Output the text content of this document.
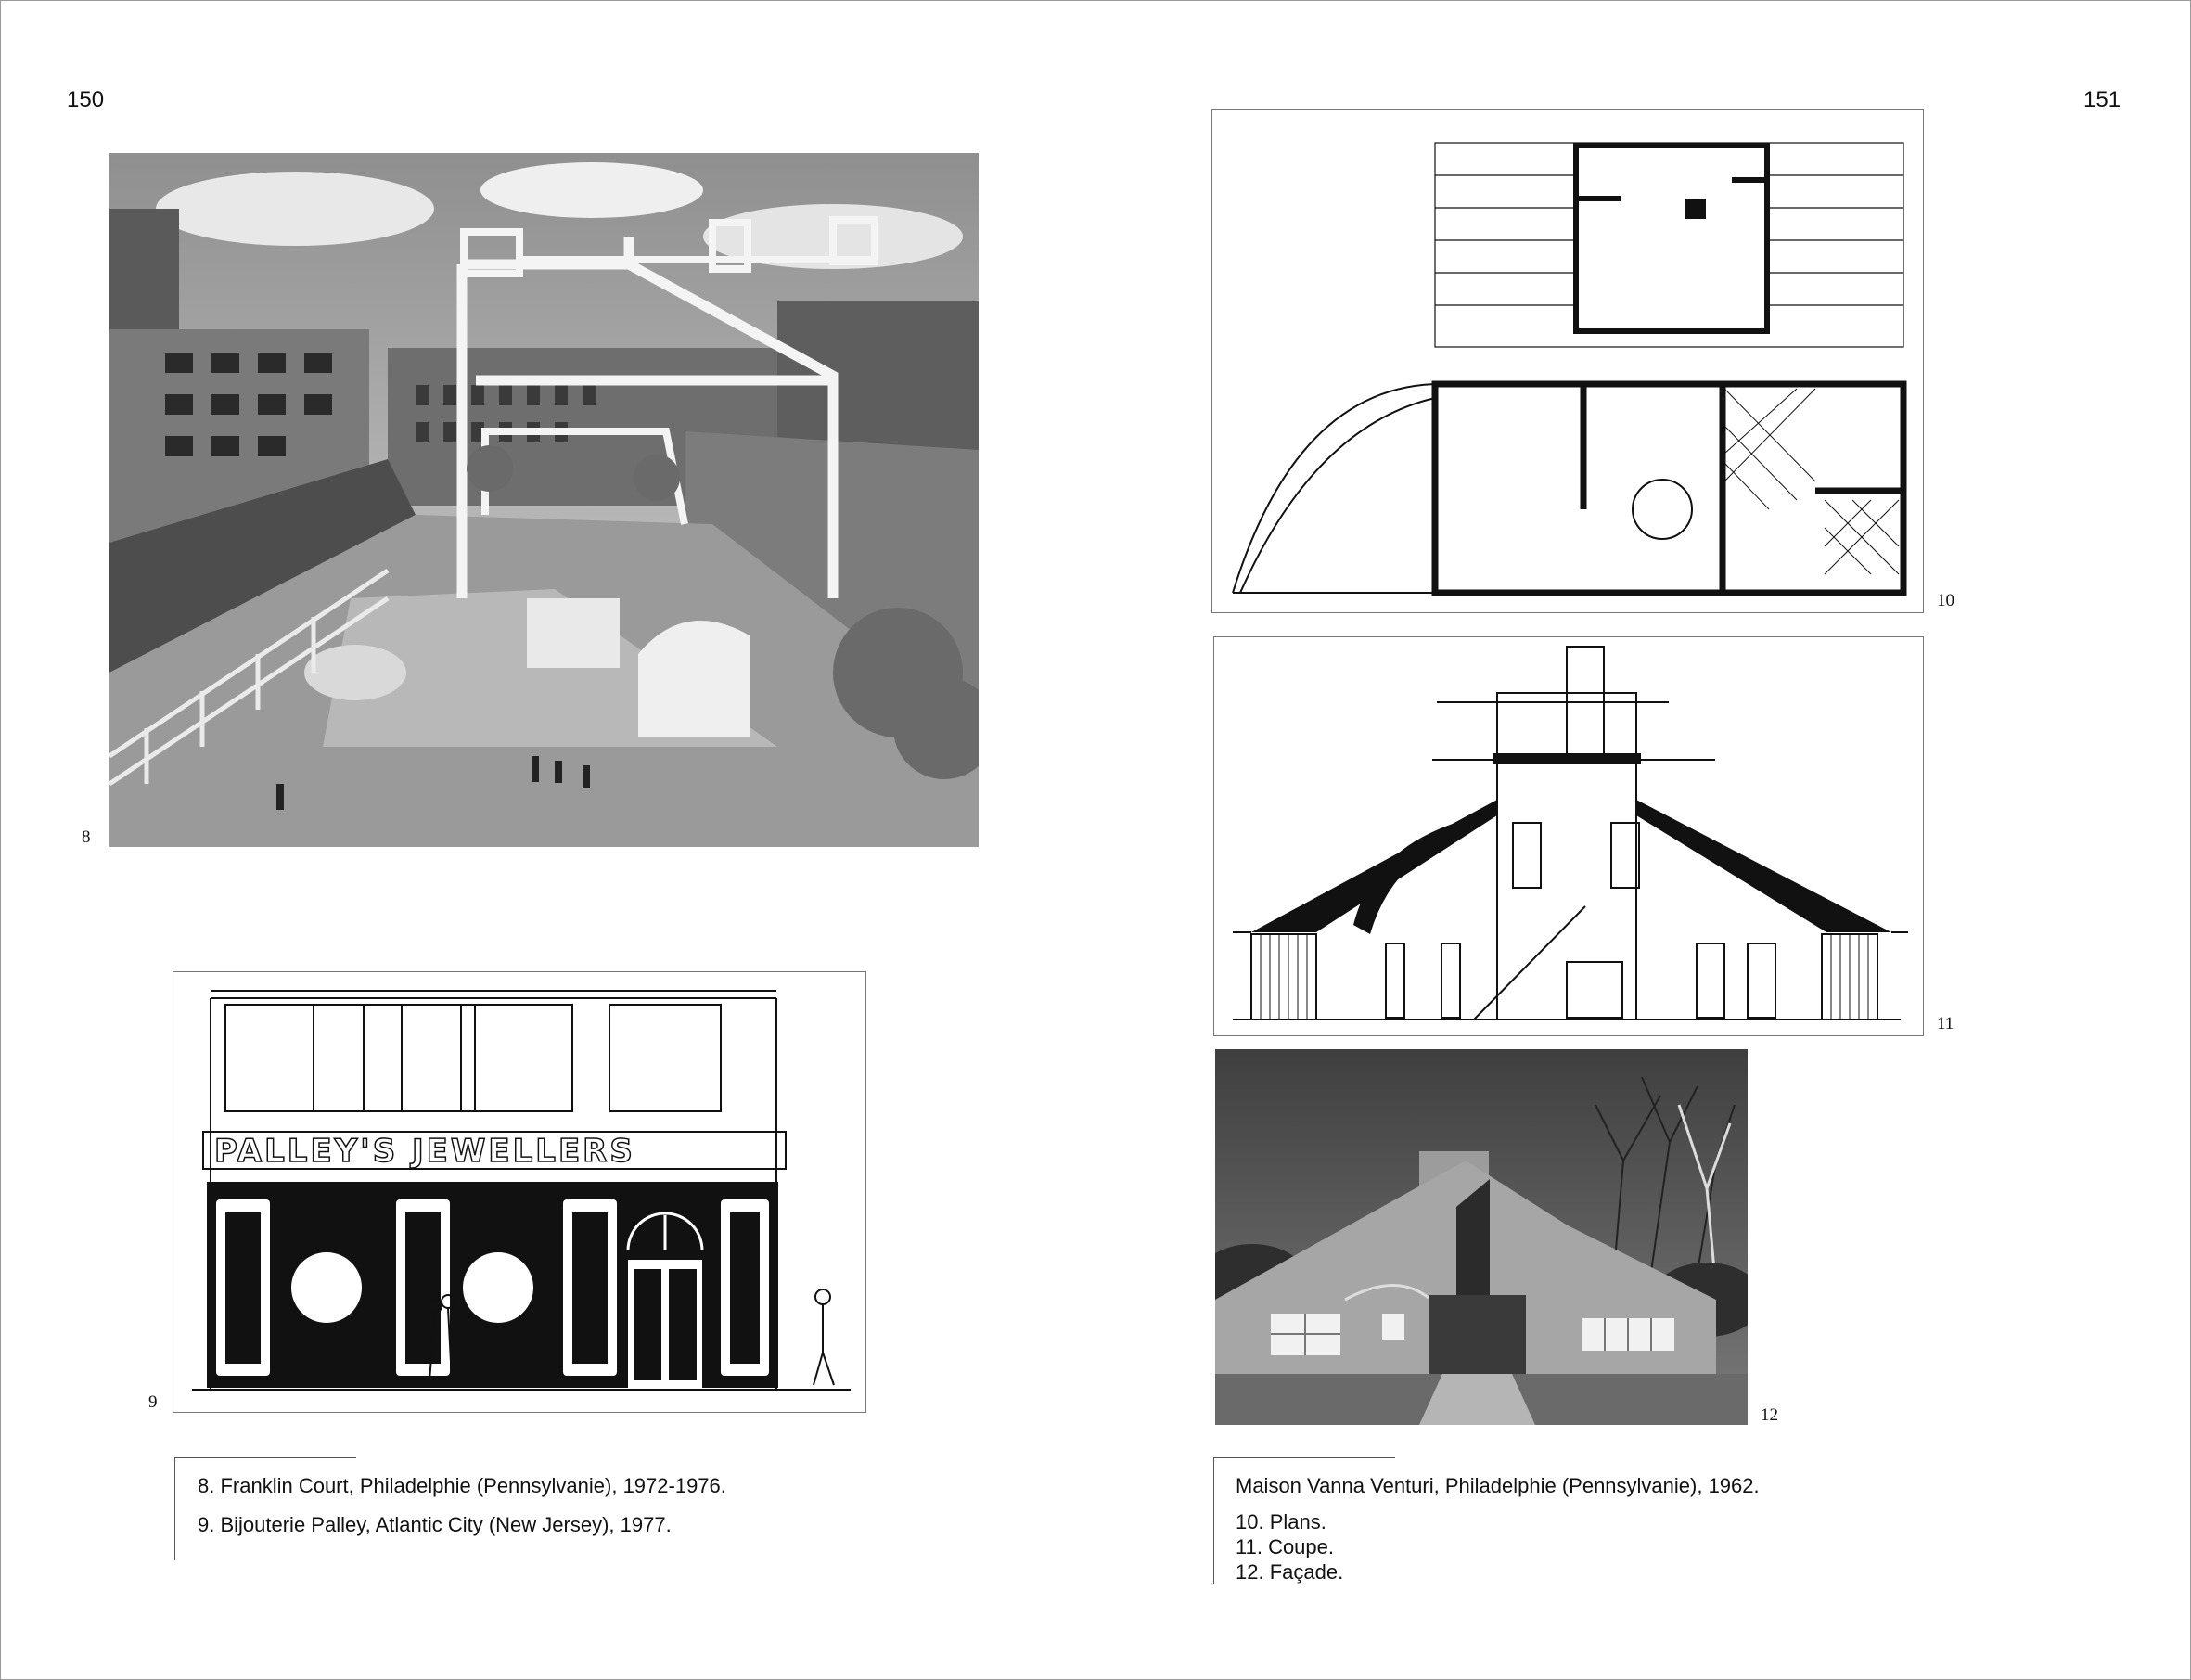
150	151
8
PALLEY'S JEWELLERS
9

8. Franklin Court, Philadelphie (Pennsylvanie), 1972-1976.

9. Bijouterie Palley, Atlantic City (New Jersey), 1977.

10
11
12

Maison Vanna Venturi, Philadelphie (Pennsylvanie), 1962.

10. Plans.

11. Coupe.

12. Façade.
